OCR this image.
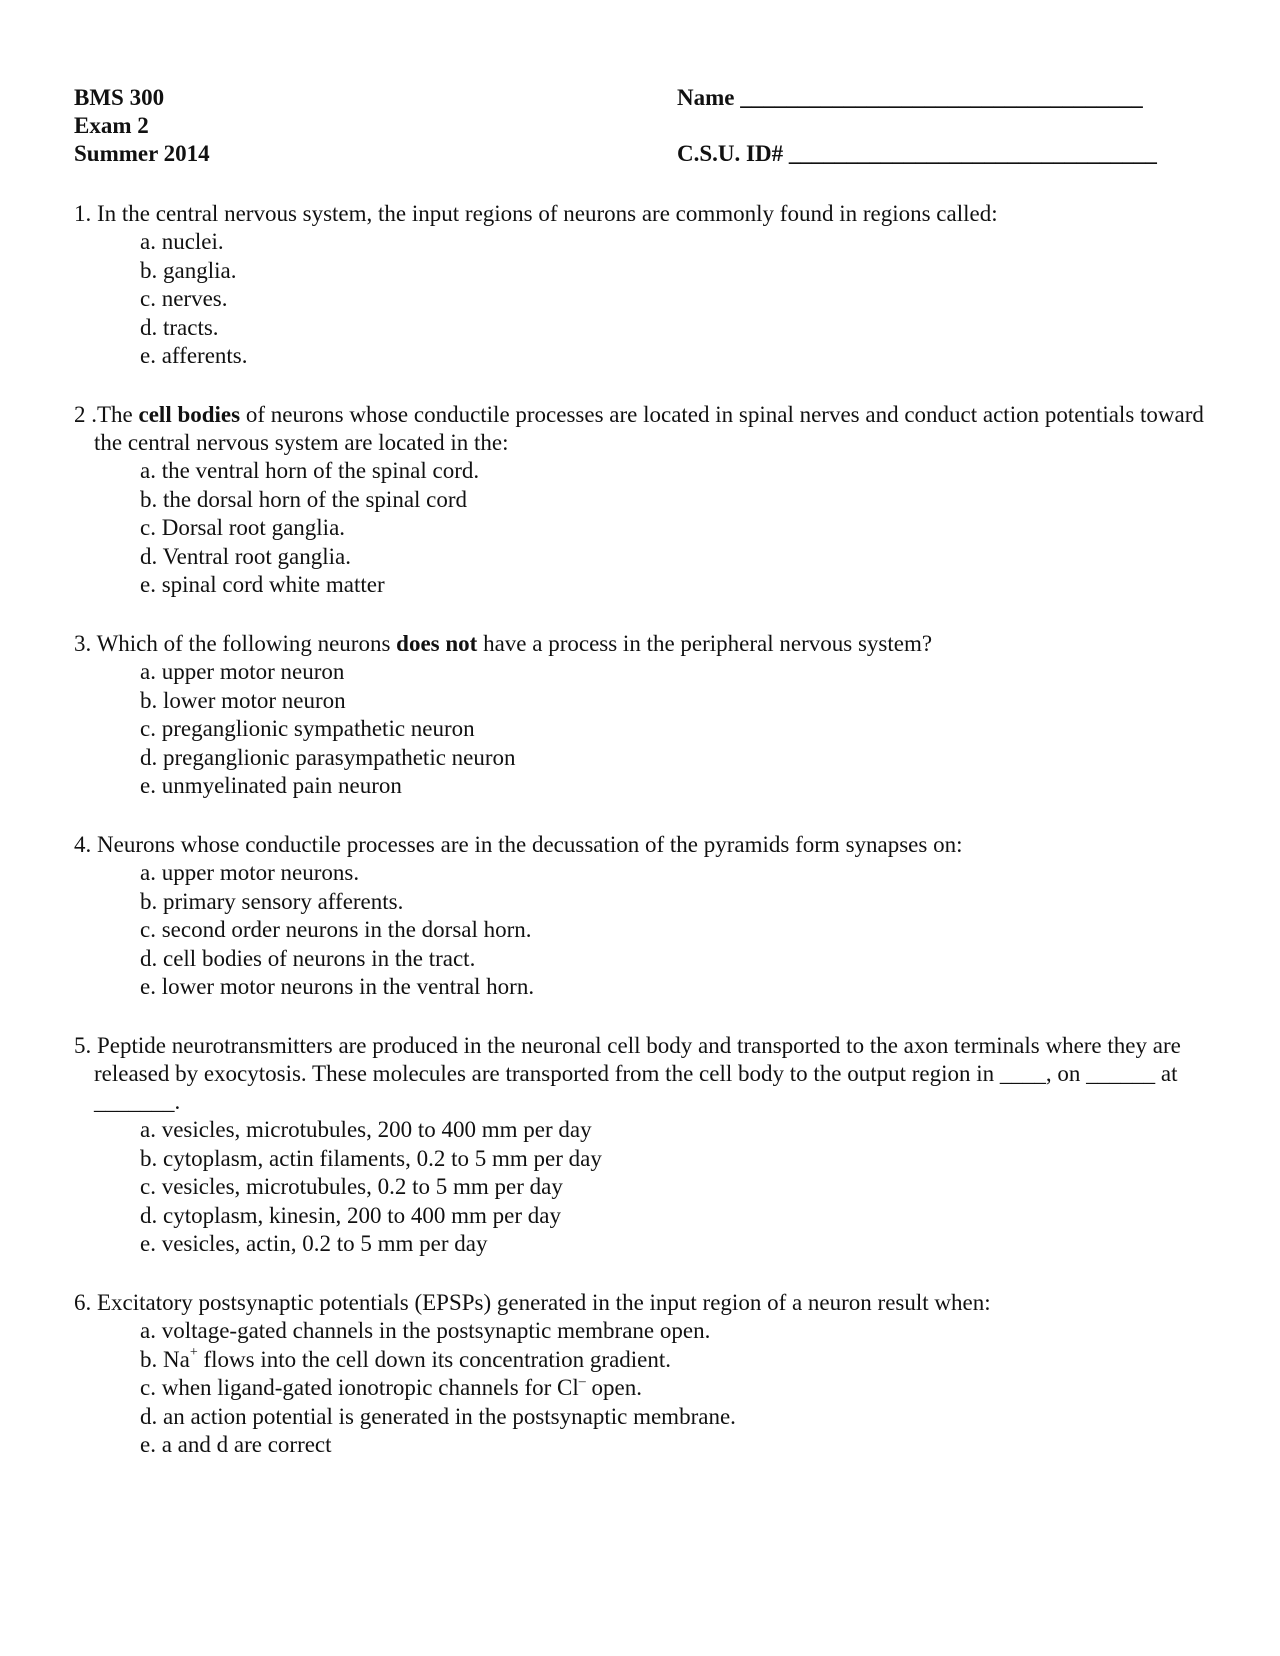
BMS 300
Exam 2
Summer 2014
Name ___________________________________
C.S.U. ID# ________________________________
1. In the central nervous system, the input regions of neurons are commonly found in regions called:
a. nuclei.
b. ganglia.
c. nerves.
d. tracts.
e. afferents.
2 .The cell bodies of neurons whose conductile processes are located in spinal nerves and conduct action potentials toward the central nervous system are located in the:
a. the ventral horn of the spinal cord.
b. the dorsal horn of the spinal cord
c. Dorsal root ganglia.
d. Ventral root ganglia.
e. spinal cord white matter
3. Which of the following neurons does not have a process in the peripheral nervous system?
a. upper motor neuron
b. lower motor neuron
c. preganglionic sympathetic neuron
d. preganglionic parasympathetic neuron
e. unmyelinated pain neuron
4. Neurons whose conductile processes are in the decussation of the pyramids form synapses on:
a. upper motor neurons.
b. primary sensory afferents.
c. second order neurons in the dorsal horn.
d. cell bodies of neurons in the tract.
e. lower motor neurons in the ventral horn.
5. Peptide neurotransmitters are produced in the neuronal cell body and transported to the axon terminals where they are released by exocytosis. These molecules are transported from the cell body to the output region in ____, on ______ at _______.
a. vesicles, microtubules, 200 to 400 mm per day
b. cytoplasm, actin filaments, 0.2 to 5 mm per day
c. vesicles, microtubules, 0.2 to 5 mm per day
d. cytoplasm, kinesin, 200 to 400 mm per day
e. vesicles, actin, 0.2 to 5 mm per day
6. Excitatory postsynaptic potentials (EPSPs) generated in the input region of a neuron result when:
a. voltage-gated channels in the postsynaptic membrane open.
b. Na+ flows into the cell down its concentration gradient.
c. when ligand-gated ionotropic channels for Cl– open.
d. an action potential is generated in the postsynaptic membrane.
e. a and d are correct
